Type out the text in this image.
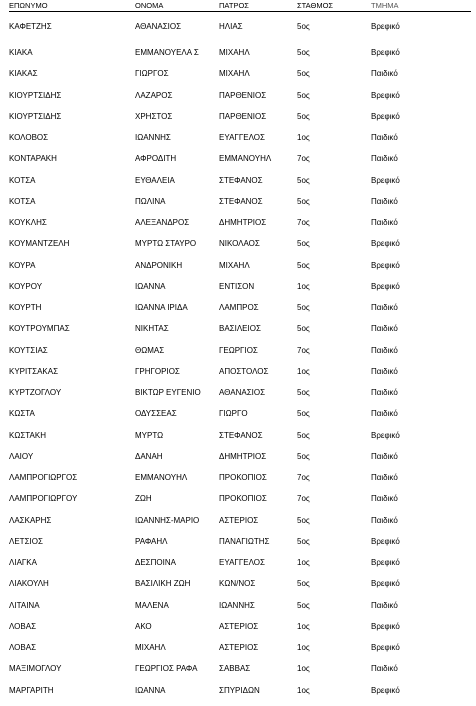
ΕΠΩΝΥΜΟ	ΟΝΟΜΑ	ΠΑΤΡΟΣ	ΣΤΑΘΜΟΣ	ΤΜΗΜΑ
ΚΑΦΕΤΖΗΣ	ΑΘΑΝΑΣΙΟΣ	ΗΛΙΑΣ	5ος	Βρεφικό
ΚΙΑΚΑ	ΕΜΜΑΝΟΥΕΛΑ Σ	ΜΙΧΑΗΛ	5ος	Βρεφικό
ΚΙΑΚΑΣ	ΓΙΩΡΓΟΣ	ΜΙΧΑΗΛ	5ος	Παιδικό
ΚΙΟΥΡΤΣΙΔΗΣ	ΛΑΖΑΡΟΣ	ΠΑΡΘΕΝΙΟΣ	5ος	Βρεφικό
ΚΙΟΥΡΤΣΙΔΗΣ	ΧΡΗΣΤΟΣ	ΠΑΡΘΕΝΙΟΣ	5ος	Βρεφικό
ΚΟΛΟΒΟΣ	ΙΩΑΝΝΗΣ	ΕΥΑΓΓΕΛΟΣ	1ος	Παιδικό
ΚΟΝΤΑΡΑΚΗ	ΑΦΡΟΔΙΤΗ	ΕΜΜΑΝΟΥΗΛ	7ος	Παιδικό
ΚΟΤΣΑ	ΕΥΘΑΛΕΙΑ	ΣΤΕΦΑΝΟΣ	5ος	Βρεφικό
ΚΟΤΣΑ	ΠΩΛΙΝΑ	ΣΤΕΦΑΝΟΣ	5ος	Παιδικό
ΚΟΥΚΛΗΣ	ΑΛΕΞΑΝΔΡΟΣ	ΔΗΜΗΤΡΙΟΣ	7ος	Παιδικό
ΚΟΥΜΑΝΤΖΕΛΗ	ΜΥΡΤΩ ΣΤΑΥΡΟ	ΝΙΚΟΛΑΟΣ	5ος	Βρεφικό
ΚΟΥΡΑ	ΑΝΔΡΟΝΙΚΗ	ΜΙΧΑΗΛ	5ος	Βρεφικό
ΚΟΥΡΟΥ	ΙΩΑΝΝΑ	ΕΝΤΙΣΟΝ	1ος	Βρεφικό
ΚΟΥΡΤΗ	ΙΩΑΝΝΑ ΙΡΙΔΑ	ΛΑΜΠΡΟΣ	5ος	Παιδικό
ΚΟΥΤΡΟΥΜΠΑΣ	ΝΙΚΗΤΑΣ	ΒΑΣΙΛΕΙΟΣ	5ος	Παιδικό
ΚΟΥΤΣΙΑΣ	ΘΩΜΑΣ	ΓΕΩΡΓΙΟΣ	7ος	Παιδικό
ΚΥΡΙΤΣΑΚΑΣ	ΓΡΗΓΟΡΙΟΣ	ΑΠΟΣΤΟΛΟΣ	1ος	Παιδικό
ΚΥΡΤΖΟΓΛΟΥ	ΒΙΚΤΩΡ ΕΥΓΕΝΙΟ	ΑΘΑΝΑΣΙΟΣ	5ος	Παιδικό
ΚΩΣΤΑ	ΟΔΥΣΣΕΑΣ	ΓΙΩΡΓΟ	5ος	Παιδικό
ΚΩΣΤΑΚΗ	ΜΥΡΤΩ	ΣΤΕΦΑΝΟΣ	5ος	Βρεφικό
ΛΑΙΟΥ	ΔΑΝΑΗ	ΔΗΜΗΤΡΙΟΣ	5ος	Παιδικό
ΛΑΜΠΡΟΓΙΩΡΓΟΣ	ΕΜΜΑΝΟΥΗΛ	ΠΡΟΚΟΠΙΟΣ	7ος	Παιδικό
ΛΑΜΠΡΟΓΙΩΡΓΟΥ	ΖΩΗ	ΠΡΟΚΟΠΙΟΣ	7ος	Παιδικό
ΛΑΣΚΑΡΗΣ	ΙΩΑΝΝΗΣ-ΜΑΡΙΟ	ΑΣΤΕΡΙΟΣ	5ος	Παιδικό
ΛΕΤΣΙΟΣ	ΡΑΦΑΗΛ	ΠΑΝΑΓΙΩΤΗΣ	5ος	Βρεφικό
ΛΙΑΓΚΑ	ΔΕΣΠΟΙΝΑ	ΕΥΑΓΓΕΛΟΣ	1ος	Βρεφικό
ΛΙΑΚΟΥΛΗ	ΒΑΣΙΛΙΚΗ ΖΩΗ	ΚΩΝ/ΝΟΣ	5ος	Βρεφικό
ΛΙΤΑΙΝΑ	ΜΑΛΕΝΑ	ΙΩΑΝΝΗΣ	5ος	Παιδικό
ΛΟΒΑΣ	ΑΚΟ	ΑΣΤΕΡΙΟΣ	1ος	Βρεφικό
ΛΟΒΑΣ	ΜΙΧΑΗΛ	ΑΣΤΕΡΙΟΣ	1ος	Βρεφικό
ΜΑΞΙΜΟΓΛΟΥ	ΓΕΩΡΓΙΟΣ ΡΑΦΑ	ΣΑΒΒΑΣ	1ος	Παιδικό
ΜΑΡΓΑΡΙΤΗ	ΙΩΑΝΝΑ	ΣΠΥΡΙΔΩΝ	1ος	Βρεφικό
